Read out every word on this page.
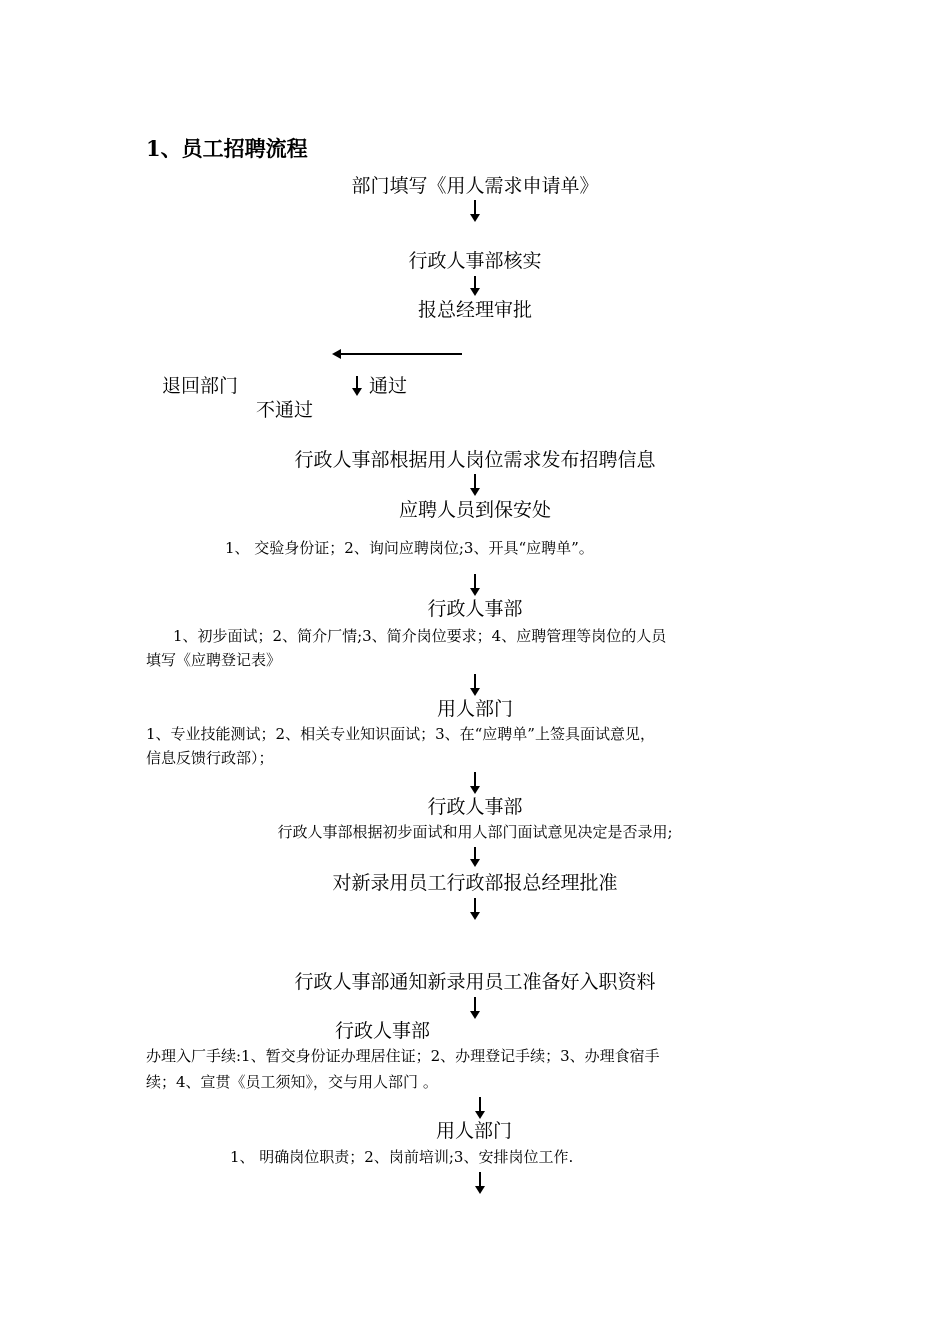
1、员工招聘流程
部门填写《用人需求申请单》
行政人事部核实
报总经理审批
退回部门	通过
不通过
行政人事部根据用人岗位需求发布招聘信息
应聘人员到保安处
1、 交验身份证；2、询问应聘岗位;3、开具“应聘单”。
行政人事部
1、初步面试；2、简介厂情;3、简介岗位要求；4、应聘管理等岗位的人员
填写《应聘登记表》
用人部门
1、专业技能测试；2、相关专业知识面试；3、在“应聘单”上签具面试意见，
信息反馈行政部）；
行政人事部
行政人事部根据初步面试和用人部门面试意见决定是否录用;
对新录用员工行政部报总经理批准
行政人事部通知新录用员工准备好入职资料
行政人事部
办理入厂手续:1、暂交身份证办理居住证；2、办理登记手续；3、办理食宿手
续；4、宣贯《员工须知》，交与用人部门 。
用人部门
1、 明确岗位职责；2、岗前培训;3、安排岗位工作.
